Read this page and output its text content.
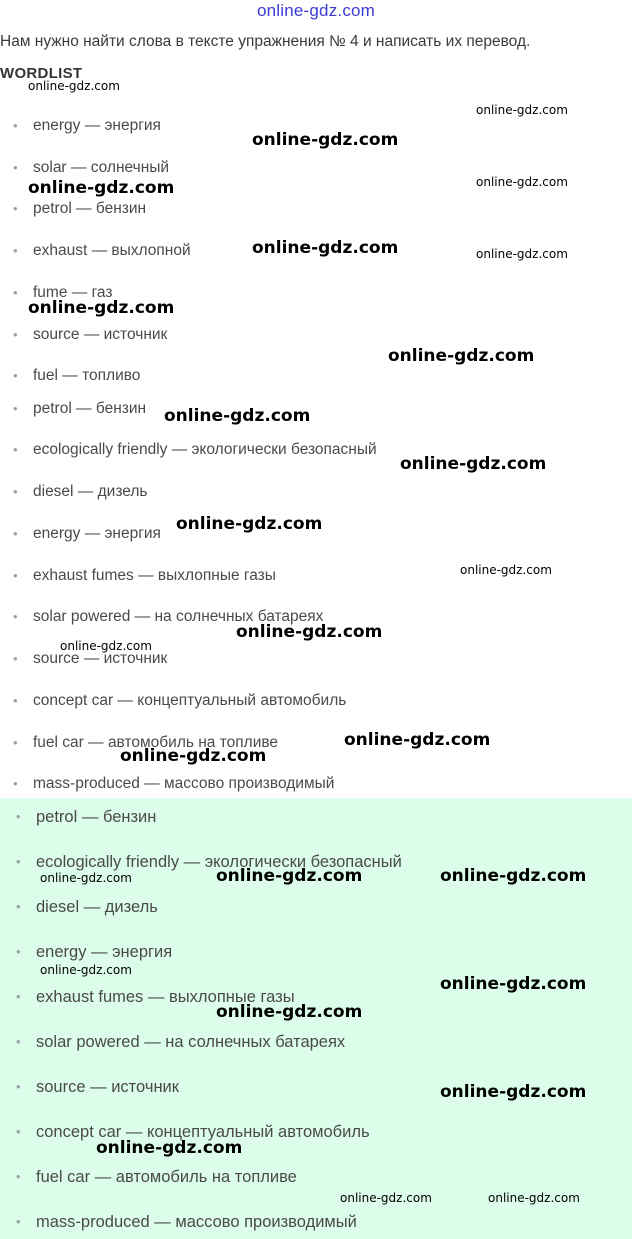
online-gdz.com
Нам нужно найти слова в тексте упражнения № 4 и написать их перевод.
WORDLIST
• energy — энергия
• solar — солнечный
• petrol — бензин
• exhaust — выхлопной
• fume — газ
• source — источник
• fuel — топливо
• petrol — бензин
• ecologically friendly — экологически безопасный
• diesel — дизель
• energy — энергия
• exhaust fumes — выхлопные газы
• solar powered — на солнечных батареях
• source — источник
• concept car — концептуальный автомобиль
• fuel car — автомобиль на топливе
• mass-produced — массово производимый
• petrol — бензин
• ecologically friendly — экологически безопасный
• diesel — дизель
• energy — энергия
• exhaust fumes — выхлопные газы
• solar powered — на солнечных батареях
• source — источник
• concept car — концептуальный автомобиль
• fuel car — автомобиль на топливе
• mass-produced — массово производимый
online-gdz.com
online-gdz.com
online-gdz.com
online-gdz.com	online-gdz.com
online-gdz.com	online-gdz.com
online-gdz.com
online-gdz.com
online-gdz.com
online-gdz.com
online-gdz.com
online-gdz.com
online-gdz.com
online-gdz.com
online-gdz.com
online-gdz.com
online-gdz.com	online-gdz.com	online-gdz.com
online-gdz.com
online-gdz.com
online-gdz.com
online-gdz.com
online-gdz.com
online-gdz.com	online-gdz.com
